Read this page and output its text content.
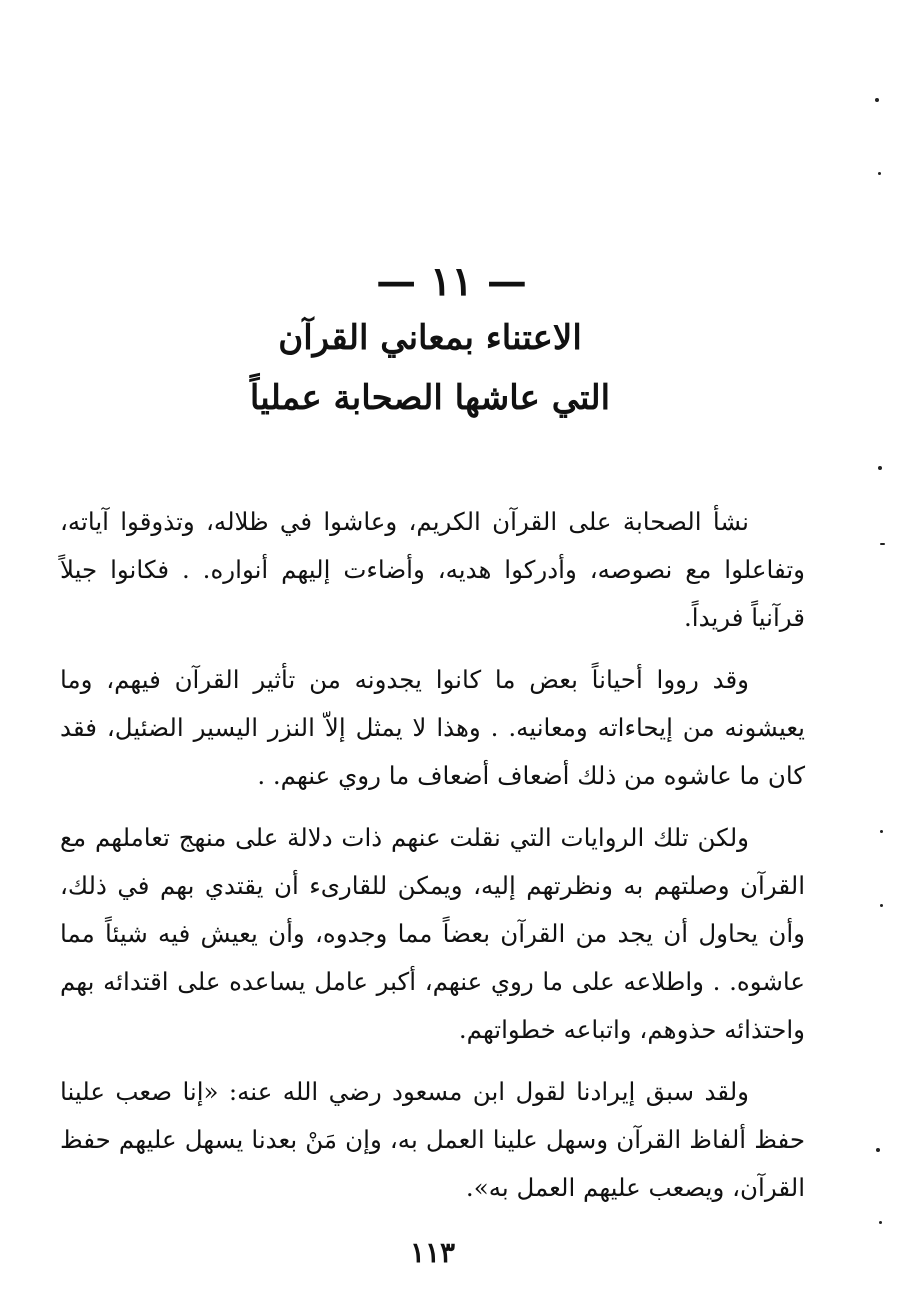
— ١١ —
الاعتناء بمعاني القرآن
التي عاشها الصحابة عملياً

نشأ الصحابة على القرآن الكريم، وعاشوا في ظلاله، وتذوقوا آياته، وتفاعلوا مع نصوصه، وأدركوا هديه، وأضاءت إليهم أنواره. . فكانوا جيلاً قرآنياً فريداً.

وقد رووا أحياناً بعض ما كانوا يجدونه من تأثير القرآن فيهم، وما يعيشونه من إيحاءاته ومعانيه. . وهذا لا يمثل إلاّ النزر اليسير الضئيل، فقد كان ما عاشوه من ذلك أضعاف أضعاف ما روي عنهم. .

ولكن تلك الروايات التي نقلت عنهم ذات دلالة على منهج تعاملهم مع القرآن وصلتهم به ونظرتهم إليه، ويمكن للقارىء أن يقتدي بهم في ذلك، وأن يحاول أن يجد من القرآن بعضاً مما وجدوه، وأن يعيش فيه شيئاً مما عاشوه. . واطلاعه على ما روي عنهم، أكبر عامل يساعده على اقتدائه بهم واحتذائه حذوهم، واتباعه خطواتهم.

ولقد سبق إيرادنا لقول ابن مسعود رضي الله عنه: «إنا صعب علينا حفظ ألفاظ القرآن وسهل علينا العمل به، وإن مَنْ بعدنا يسهل عليهم حفظ القرآن، ويصعب عليهم العمل به».

١١٣
